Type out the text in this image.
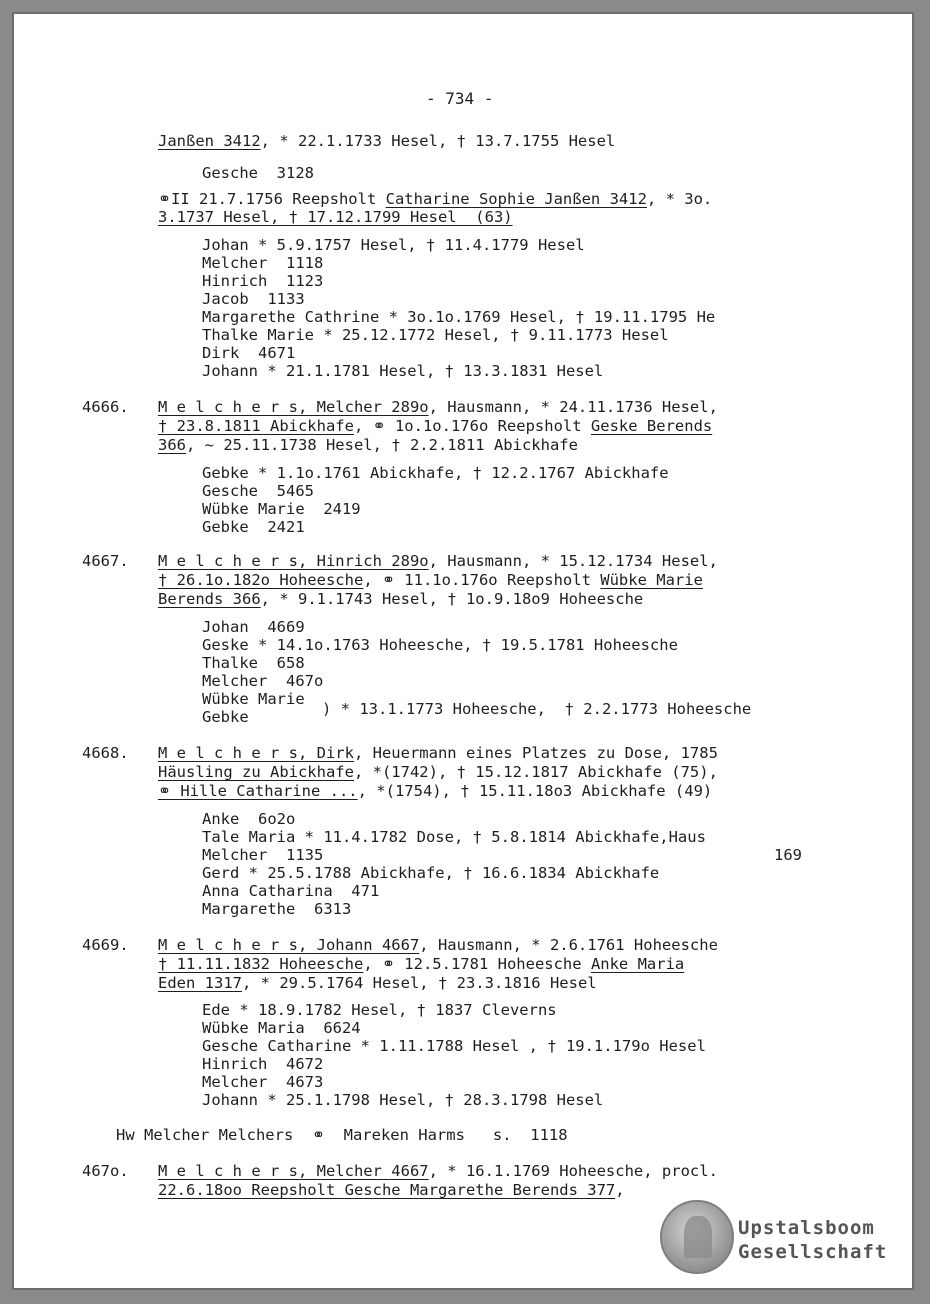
- 734 -
Janßen 3412, * 22.1.1733 Hesel, † 13.7.1755 Hesel
Gesche  3128
⚭II 21.7.1756 Reepsholt Catharine Sophie Janßen 3412, * 3o.
3.1737 Hesel, † 17.12.1799 Hesel  (63)
Johan * 5.9.1757 Hesel, † 11.4.1779 Hesel
Melcher  1118
Hinrich  1123
Jacob  1133
Margarethe Cathrine * 3o.1o.1769 Hesel, † 19.11.1795 He
Thalke Marie * 25.12.1772 Hesel, † 9.11.1773 Hesel
Dirk  4671
Johann * 21.1.1781 Hesel, † 13.3.1831 Hesel
4666. M e l c h e r s, Melcher 289o, Hausmann, * 24.11.1736 Hesel,
† 23.8.1811 Abickhafe, ⚭ 1o.1o.176o Reepsholt Geske Berends
366, ~ 25.11.1738 Hesel, † 2.2.1811 Abickhafe
Gebke * 1.1o.1761 Abickhafe, † 12.2.1767 Abickhafe
Gesche  5465
Wübke Marie  2419
Gebke  2421
4667. M e l c h e r s, Hinrich 289o, Hausmann, * 15.12.1734 Hesel,
† 26.1o.182o Hoheesche, ⚭ 11.1o.176o Reepsholt Wübke Marie
Berends 366, * 9.1.1743 Hesel, † 1o.9.18o9 Hoheesche
Johan  4669
Geske * 14.1o.1763 Hoheesche, † 19.5.1781 Hoheesche
Thalke  658
Melcher  467o
Wübke Marie
Gebke	) * 13.1.1773 Hoheesche,  † 2.2.1773 Hoheesche
4668. M e l c h e r s, Dirk, Heuermann eines Platzes zu Dose, 1785
Häusling zu Abickhafe, *(1742), † 15.12.1817 Abickhafe (75),
⚭ Hille Catharine ..., *(1754), † 15.11.18o3 Abickhafe (49)
Anke  6o2o
Tale Maria * 11.4.1782 Dose, † 5.8.1814 Abickhafe,Haus
Melcher  1135	169
Gerd * 25.5.1788 Abickhafe, † 16.6.1834 Abickhafe
Anna Catharina  471
Margarethe  6313
4669. M e l c h e r s, Johann 4667, Hausmann, * 2.6.1761 Hoheesche
† 11.11.1832 Hoheesche, ⚭ 12.5.1781 Hoheesche Anke Maria
Eden 1317, * 29.5.1764 Hesel, † 23.3.1816 Hesel
Ede * 18.9.1782 Hesel, † 1837 Cleverns
Wübke Maria  6624
Gesche Catharine * 1.11.1788 Hesel , † 19.1.179o Hesel
Hinrich  4672
Melcher  4673
Johann * 25.1.1798 Hesel, † 28.3.1798 Hesel
Hw Melcher Melchers  ⚭  Mareken Harms   s.  1118
467o. M e l c h e r s, Melcher 4667, * 16.1.1769 Hoheesche, procl.
22.6.18oo Reepsholt Gesche Margarethe Berends 377,
Upstalsboom
Gesellschaft
